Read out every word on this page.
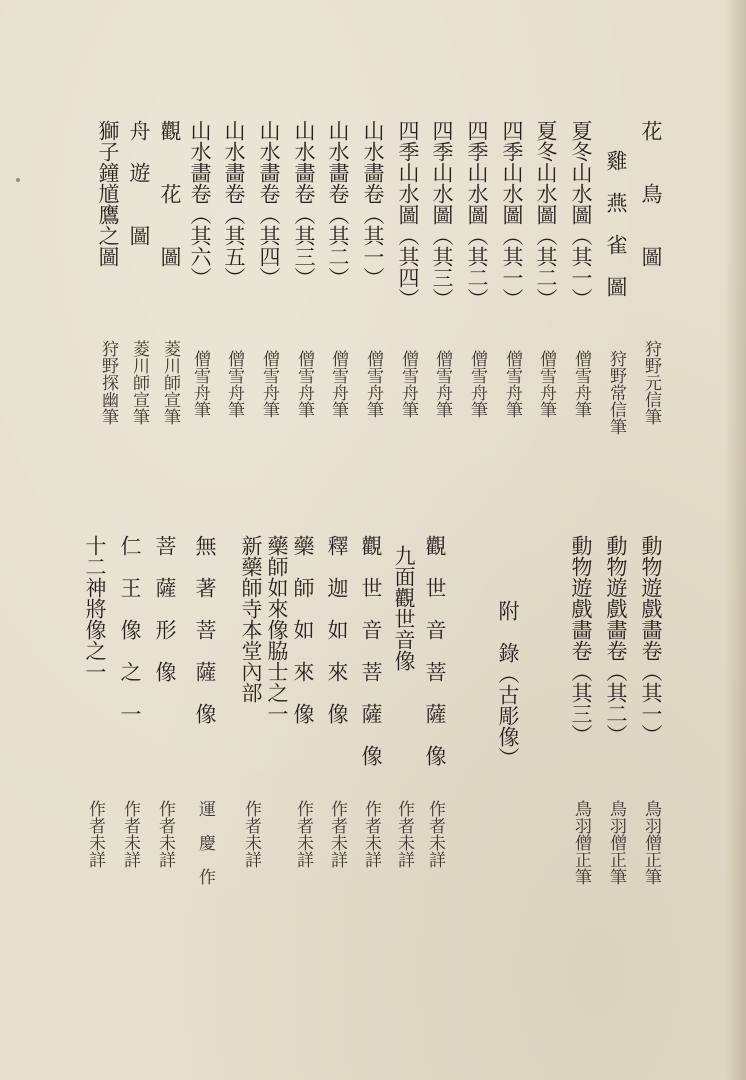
花　　鳥　　圖
狩野元信筆
雞　燕　雀　圖
狩野常信筆
夏冬山水圖（其一）
僧雪舟筆
夏冬山水圖（其二）
僧雪舟筆
四季山水圖（其一）
僧雪舟筆
四季山水圖（其二）
僧雪舟筆
四季山水圖（其三）
僧雪舟筆
四季山水圖（其四）
僧雪舟筆
山水畵卷（其一）
僧雪舟筆
山水畵卷（其二）
僧雪舟筆
山水畵卷（其三）
僧雪舟筆
山水畵卷（其四）
僧雪舟筆
山水畵卷（其五）
僧雪舟筆
山水畵卷（其六）
僧雪舟筆
觀　　花　　圖
菱川師宣筆
舟　遊　　圖
菱川師宣筆
獅子鐘馗鷹之圖
狩野探幽筆
動物遊戲畵卷（其一）
鳥羽僧正筆
動物遊戲畵卷（其二）
鳥羽僧正筆
動物遊戲畵卷（其三）
鳥羽僧正筆
附　錄（古彫像）
觀　世　音　菩　薩　像
作者未詳
九面觀世音像
作者未詳
觀　世　音　菩　薩　像
作者未詳
釋　迦　如　來　像
作者未詳
藥　師　如　來　像
作者未詳
藥師如來像脇士之一
新藥師寺本堂內部
作者未詳
無　著　菩　薩　像
運　慶　作
菩　薩　形　像
作者未詳
仁　王　像　之　一
作者未詳
十二神將像之一
作者未詳
